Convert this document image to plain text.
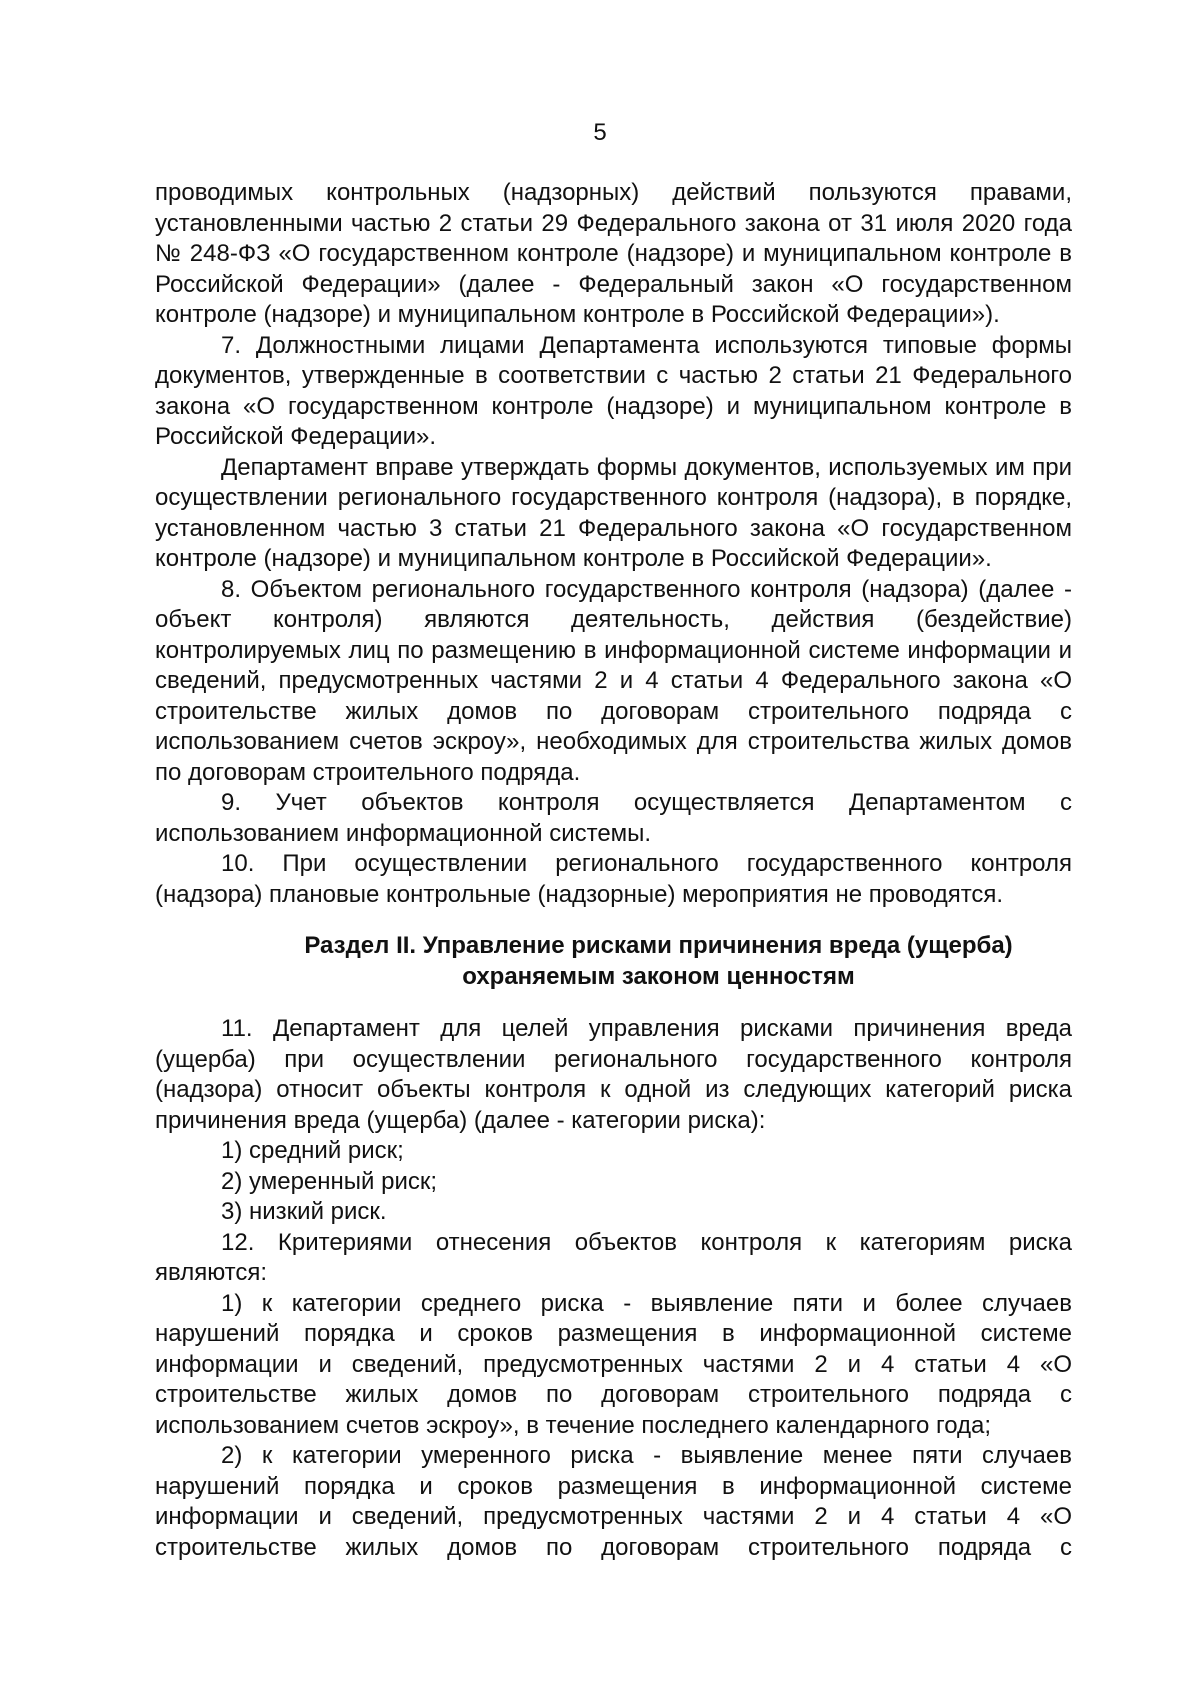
5

проводимых контрольных (надзорных) действий пользуются правами, установленными частью 2 статьи 29 Федерального закона от 31 июля 2020 года № 248-ФЗ «О государственном контроле (надзоре) и муниципальном контроле в Российской Федерации» (далее - Федеральный закон «О государственном контроле (надзоре) и муниципальном контроле в Российской Федерации»).

7. Должностными лицами Департамента используются типовые формы документов, утвержденные в соответствии с частью 2 статьи 21 Федерального закона «О государственном контроле (надзоре) и муниципальном контроле в Российской Федерации».

Департамент вправе утверждать формы документов, используемых им при осуществлении регионального государственного контроля (надзора), в порядке, установленном частью 3 статьи 21 Федерального закона «О государственном контроле (надзоре) и муниципальном контроле в Российской Федерации».

8. Объектом регионального государственного контроля (надзора) (далее - объект контроля) являются деятельность, действия (бездействие) контролируемых лиц по размещению в информационной системе информации и сведений, предусмотренных частями 2 и 4 статьи 4 Федерального закона «О строительстве жилых домов по договорам строительного подряда с использованием счетов эскроу», необходимых для строительства жилых домов по договорам строительного подряда.

9. Учет объектов контроля осуществляется Департаментом с использованием информационной системы.

10. При осуществлении регионального государственного контроля (надзора) плановые контрольные (надзорные) мероприятия не проводятся.

Раздел II. Управление рисками причинения вреда (ущерба)
охраняемым законом ценностям

11. Департамент для целей управления рисками причинения вреда (ущерба) при осуществлении регионального государственного контроля (надзора) относит объекты контроля к одной из следующих категорий риска причинения вреда (ущерба) (далее - категории риска):

1) средний риск;

2) умеренный риск;

3) низкий риск.

12. Критериями отнесения объектов контроля к категориям риска являются:

1) к категории среднего риска - выявление пяти и более случаев нарушений порядка и сроков размещения в информационной системе информации и сведений, предусмотренных частями 2 и 4 статьи 4 «О строительстве жилых домов по договорам строительного подряда с использованием счетов эскроу», в течение последнего календарного года;

2) к категории умеренного риска - выявление менее пяти случаев нарушений порядка и сроков размещения в информационной системе информации и сведений, предусмотренных частями 2 и 4 статьи 4 «О строительстве жилых домов по договорам строительного подряда с
